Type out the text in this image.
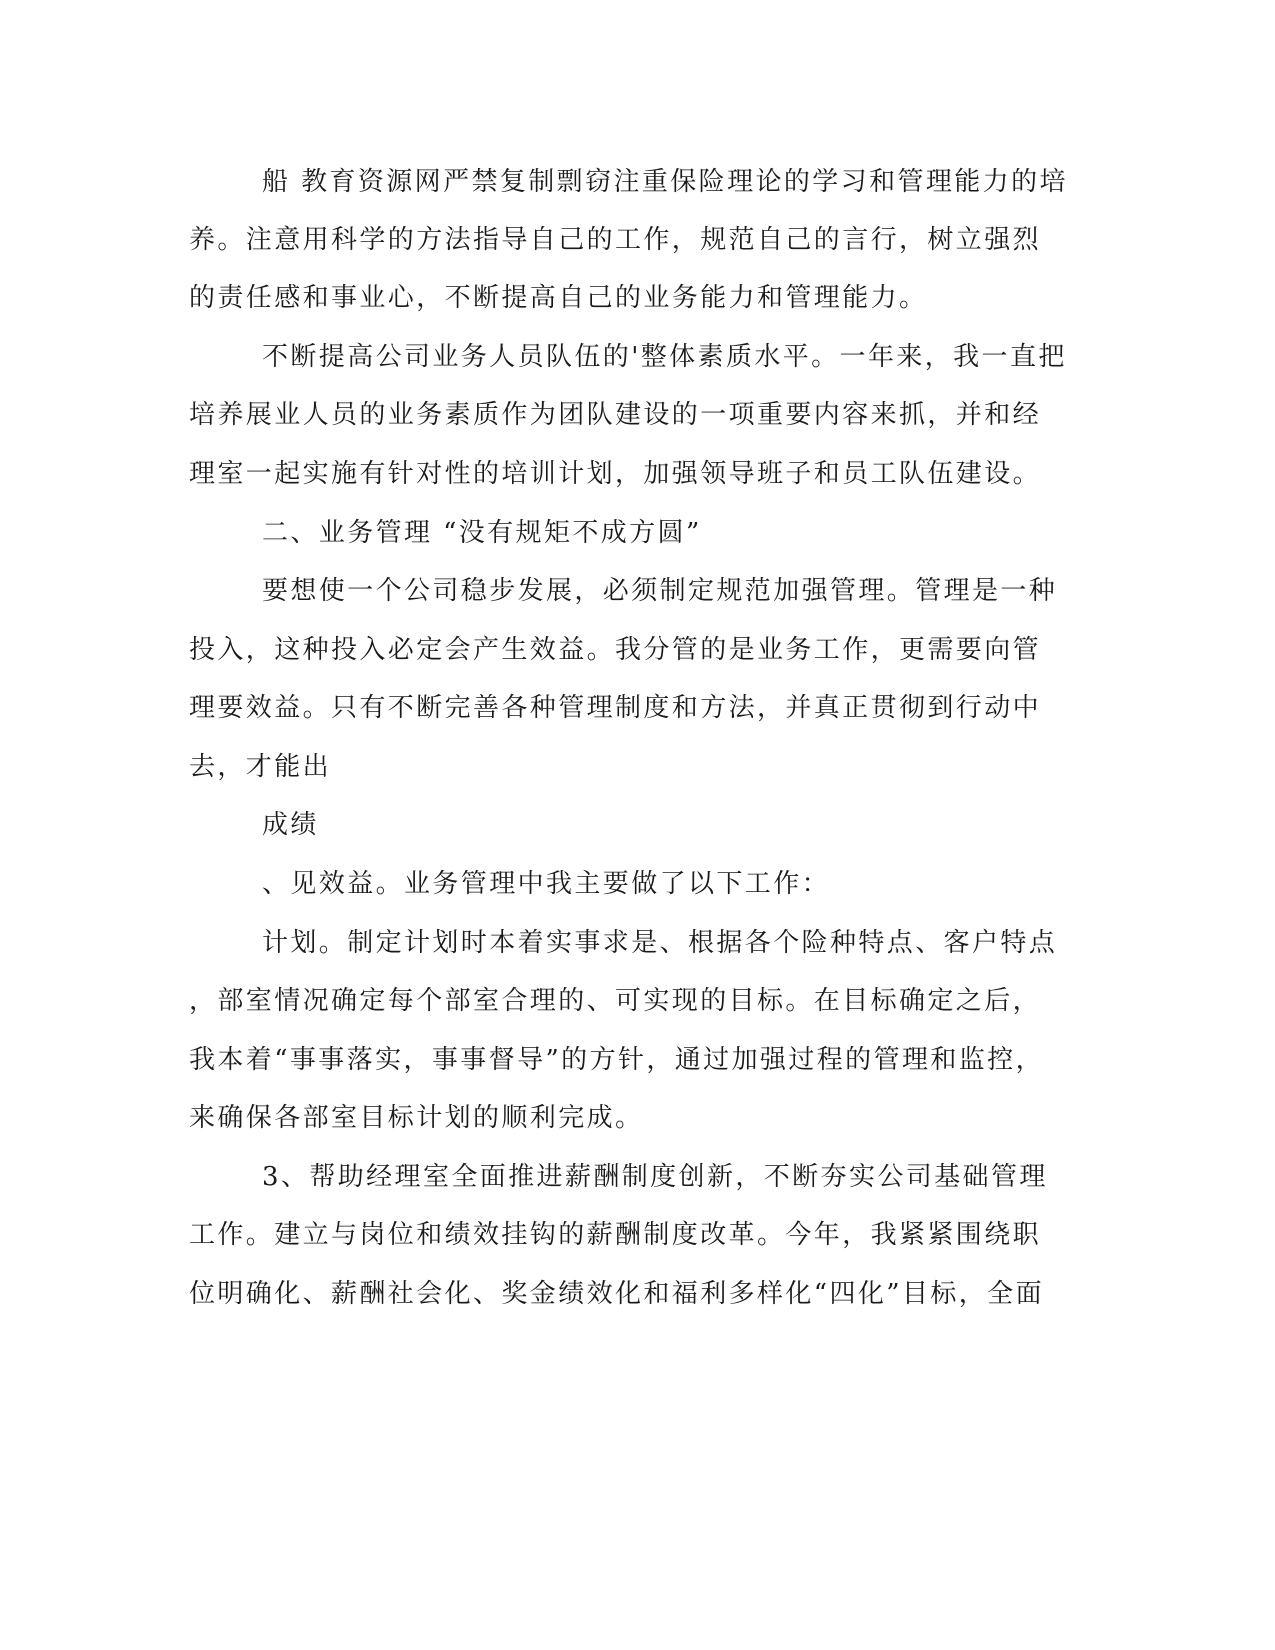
船 教育资源网严禁复制剽窃注重保险理论的学习和管理能力的培
养。注意用科学的方法指导自己的工作，规范自己的言行，树立强烈
的责任感和事业心，不断提高自己的业务能力和管理能力。
不断提高公司业务人员队伍的'整体素质水平。一年来，我一直把
培养展业人员的业务素质作为团队建设的一项重要内容来抓，并和经
理室一起实施有针对性的培训计划，加强领导班子和员工队伍建设。
二、业务管理 “没有规矩不成方圆”
要想使一个公司稳步发展，必须制定规范加强管理。管理是一种
投入，这种投入必定会产生效益。我分管的是业务工作，更需要向管
理要效益。只有不断完善各种管理制度和方法，并真正贯彻到行动中
去，才能出
成绩
、见效益。业务管理中我主要做了以下工作：
计划。制定计划时本着实事求是、根据各个险种特点、客户特点
，部室情况确定每个部室合理的、可实现的目标。在目标确定之后，
我本着“事事落实，事事督导”的方针，通过加强过程的管理和监控，
来确保各部室目标计划的顺利完成。
3、帮助经理室全面推进薪酬制度创新，不断夯实公司基础管理
工作。建立与岗位和绩效挂钩的薪酬制度改革。今年，我紧紧围绕职
位明确化、薪酬社会化、奖金绩效化和福利多样化“四化”目标，全面
